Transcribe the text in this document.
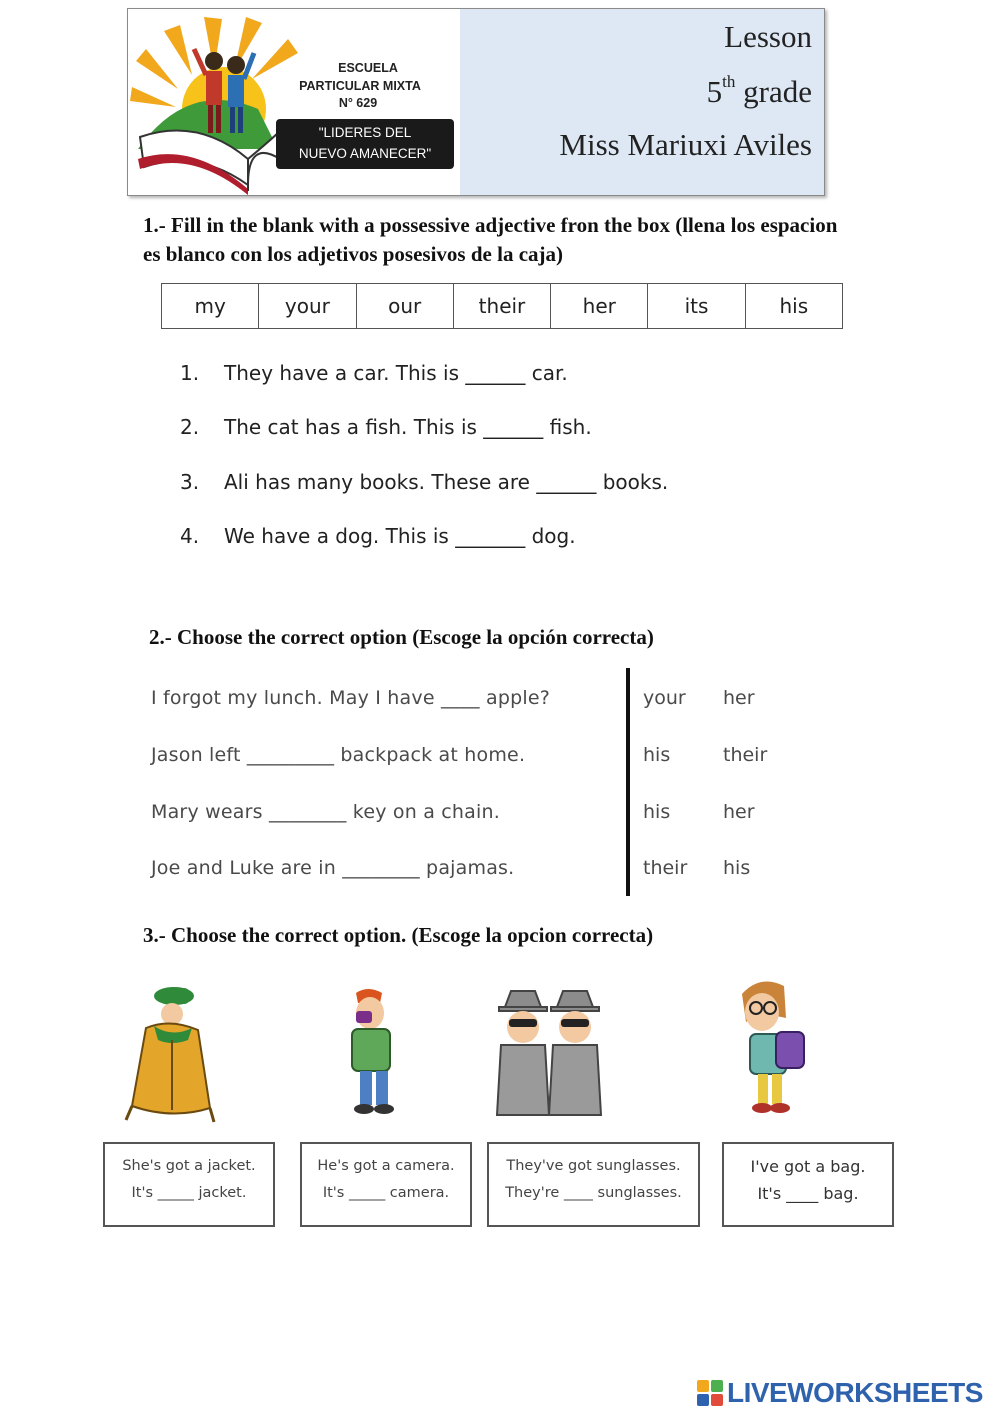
ESCUELA
PARTICULAR MIXTA
N° 629
"LIDERES DEL
NUEVO AMANECER"
Lesson
5th grade
Miss Mariuxi Aviles
1.- Fill in the blank with a possessive adjective fron the box (llena los espacion es blanco con los adjetivos posesivos de la caja)
my	your	our	their	her	its	his
1. They have a car. This is ______ car.
2. The cat has a fish. This is ______ fish.
3. Ali has many books. These are ______ books.
4. We have a dog. This is _______ dog.
2.- Choose the correct option (Escoge la opción correcta)
I forgot my lunch. May I have ____ apple?	your her
Jason left _________ backpack at home.	his	their
Mary wears ________ key on a chain.	his	her
Joe and Luke are in ________ pajamas.	their his
3.- Choose the correct option. (Escoge la opcion correcta)
She's got a jacket.
It's _____ jacket.
He's got a camera.
It's _____ camera.
They've got sunglasses.
They're ____ sunglasses.
I've got a bag.
It's ____ bag.
LIVEWORKSHEETS
